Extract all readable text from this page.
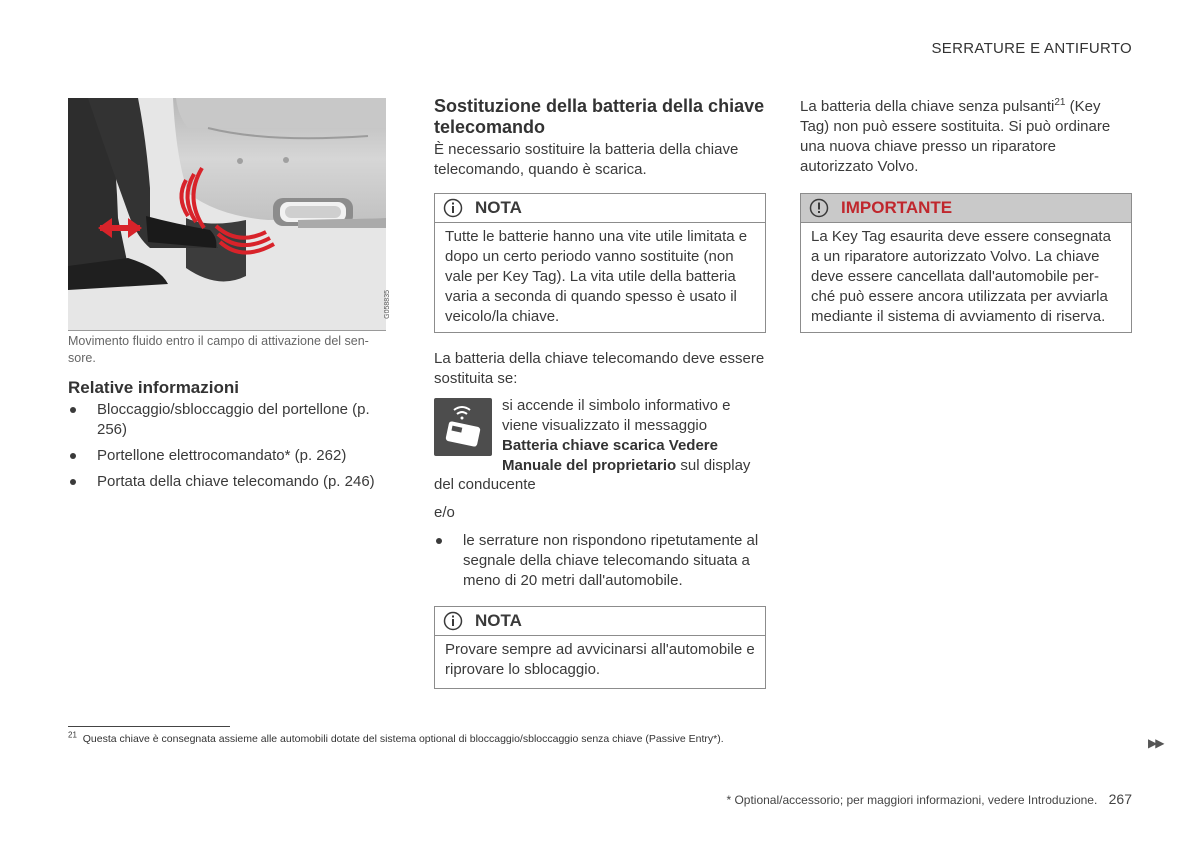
SERRATURE E ANTIFURTO
G058835
Movimento fluido entro il campo di attivazione del sen-sore.
Relative informazioni
Bloccaggio/sbloccaggio del portellone (p. 256)
Portellone elettrocomandato* (p. 262)
Portata della chiave telecomando (p. 246)
Sostituzione della batteria della chiave telecomando
È necessario sostituire la batteria della chiave telecomando, quando è scarica.
NOTA
Tutte le batterie hanno una vite utile limitata e dopo un certo periodo vanno sostituite (non vale per Key Tag). La vita utile della batteria varia a seconda di quando spesso è usato il veicolo/la chiave.
La batteria della chiave telecomando deve essere sostituita se:
si accende il simbolo informativo e viene visualizzato il messaggio Batteria chiave scarica Vedere Manuale del proprietario sul display
del conducente
e/o
le serrature non rispondono ripetutamente al segnale della chiave telecomando situata a meno di 20 metri dall'automobile.
NOTA
Provare sempre ad avvicinarsi all'automobile e riprovare lo sblocaggio.
La batteria della chiave senza pulsanti$^{21}$ (Key Tag) non può essere sostituita. Si può ordinare una nuova chiave presso un riparatore autorizzato Volvo.
IMPORTANTE
La Key Tag esaurita deve essere consegnata a un riparatore autorizzato Volvo. La chiave deve essere cancellata dall'automobile per-ché può essere ancora utilizzata per avviarla mediante il sistema di avviamento di riserva.
$^{21}$ Questa chiave è consegnata assieme alle automobili dotate del sistema optional di bloccaggio/sbloccaggio senza chiave (Passive Entry*).	▶▶
* Optional/accessorio; per maggiori informazioni, vedere Introduzione. 267
